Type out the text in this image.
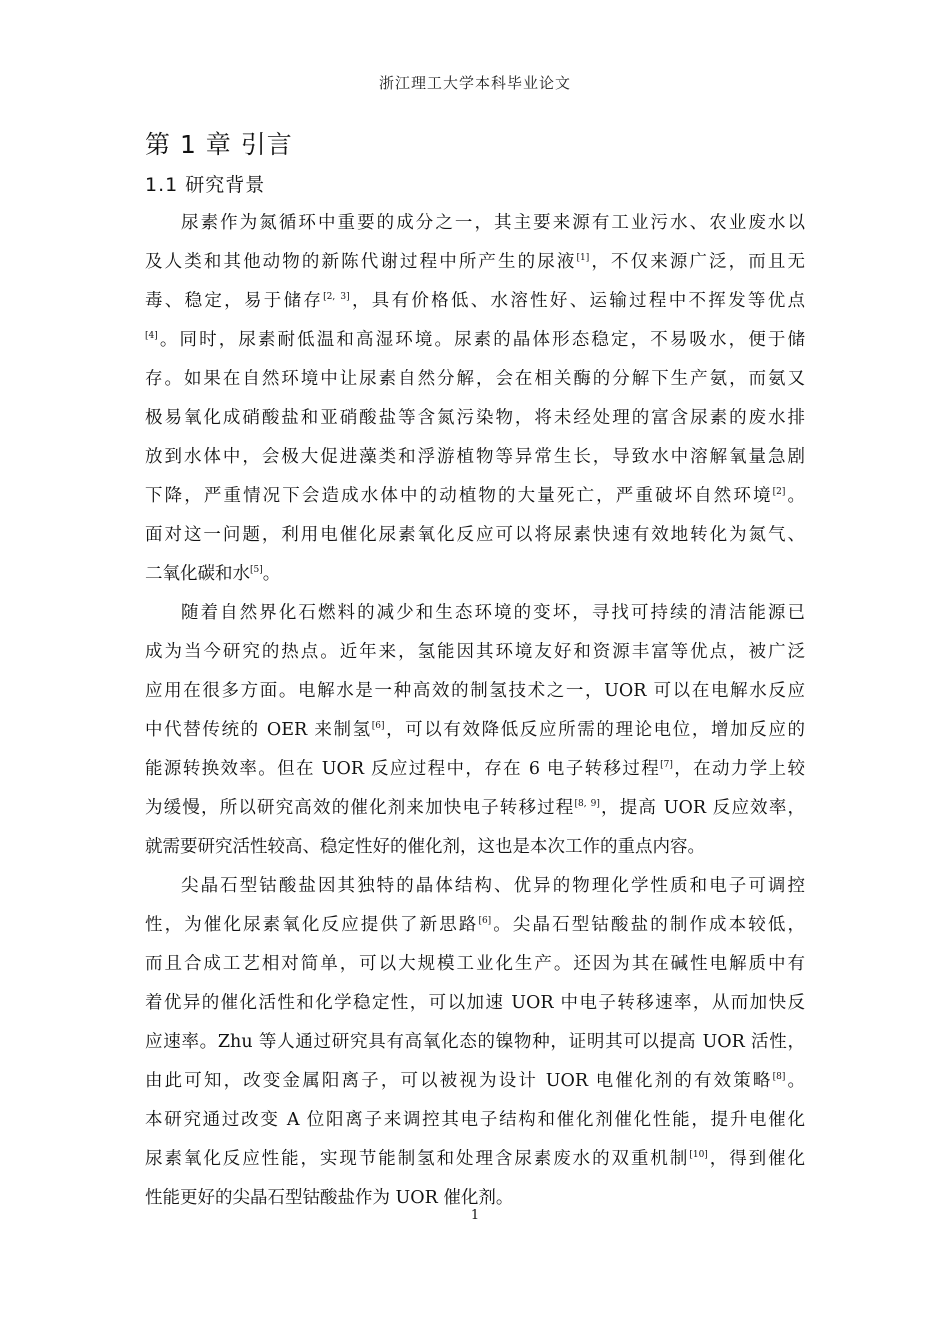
浙江理工大学本科毕业论文
第 1 章 引言
1.1 研究背景
尿素作为氮循环中重要的成分之一，其主要来源有工业污水、农业废水以
及人类和其他动物的新陈代谢过程中所产生的尿液[1]，不仅来源广泛，而且无
毒、稳定，易于储存[2, 3]，具有价格低、水溶性好、运输过程中不挥发等优点
[4]。同时，尿素耐低温和高湿环境。尿素的晶体形态稳定，不易吸水，便于储
存。如果在自然环境中让尿素自然分解，会在相关酶的分解下生产氨，而氨又
极易氧化成硝酸盐和亚硝酸盐等含氮污染物，将未经处理的富含尿素的废水排
放到水体中，会极大促进藻类和浮游植物等异常生长，导致水中溶解氧量急剧
下降，严重情况下会造成水体中的动植物的大量死亡，严重破坏自然环境[2]。
面对这一问题，利用电催化尿素氧化反应可以将尿素快速有效地转化为氮气、
二氧化碳和水[5]。
随着自然界化石燃料的减少和生态环境的变坏，寻找可持续的清洁能源已
成为当今研究的热点。近年来，氢能因其环境友好和资源丰富等优点，被广泛
应用在很多方面。电解水是一种高效的制氢技术之一，UOR 可以在电解水反应
中代替传统的 OER 来制氢[6]，可以有效降低反应所需的理论电位，增加反应的
能源转换效率。但在 UOR 反应过程中，存在 6 电子转移过程[7]，在动力学上较
为缓慢，所以研究高效的催化剂来加快电子转移过程[8, 9]，提高 UOR 反应效率，
就需要研究活性较高、稳定性好的催化剂，这也是本次工作的重点内容。
尖晶石型钴酸盐因其独特的晶体结构、优异的物理化学性质和电子可调控
性，为催化尿素氧化反应提供了新思路[6]。尖晶石型钴酸盐的制作成本较低，
而且合成工艺相对简单，可以大规模工业化生产。还因为其在碱性电解质中有
着优异的催化活性和化学稳定性，可以加速 UOR 中电子转移速率，从而加快反
应速率。Zhu 等人通过研究具有高氧化态的镍物种，证明其可以提高 UOR 活性，
由此可知，改变金属阳离子，可以被视为设计 UOR 电催化剂的有效策略[8]。
本研究通过改变 A 位阳离子来调控其电子结构和催化剂催化性能，提升电催化
尿素氧化反应性能，实现节能制氢和处理含尿素废水的双重机制[10]，得到催化
性能更好的尖晶石型钴酸盐作为 UOR 催化剂。
1
